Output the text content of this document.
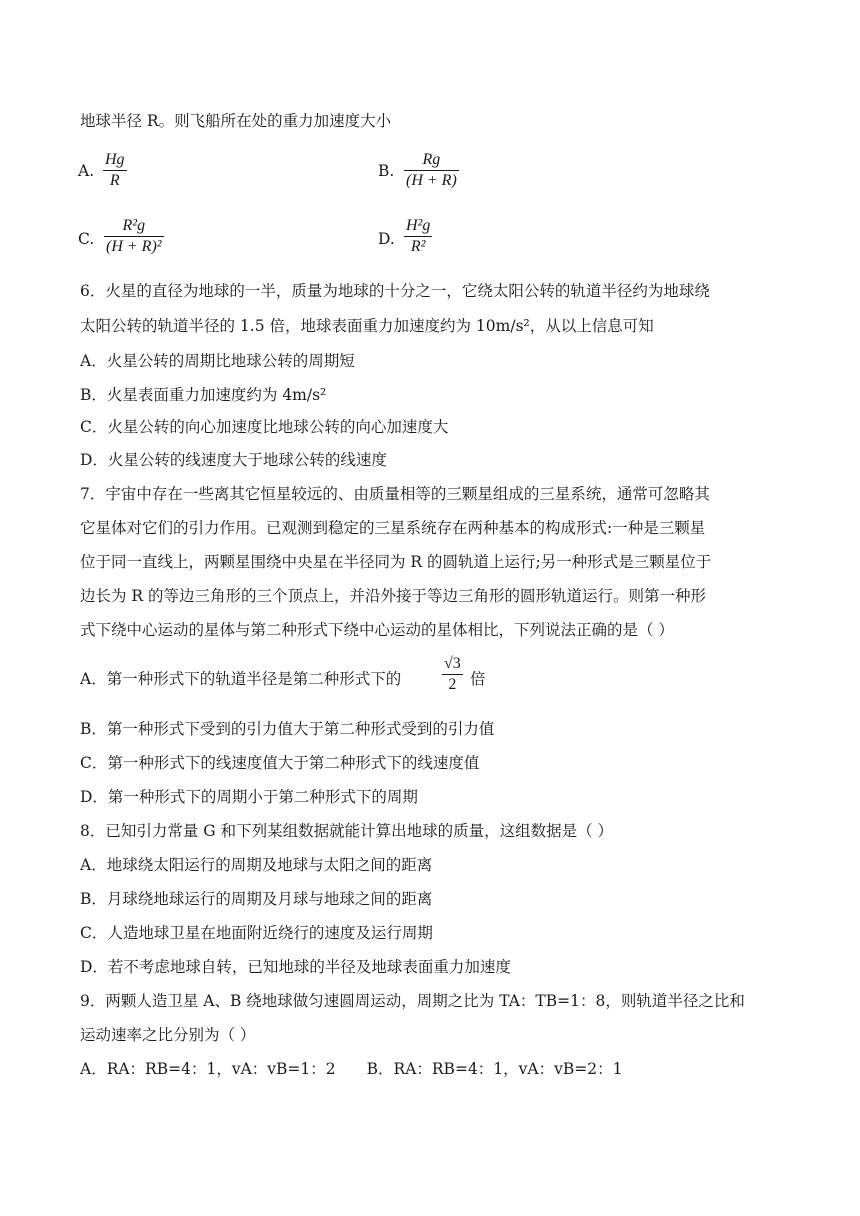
地球半径 R。则飞船所在处的重力加速度大小
A.
Hg
R
B.
Rg
(H + R)
C.
R²g
(H + R)²	D.
H²g
R²
6．火星的直径为地球的一半，质量为地球的十分之一，它绕太阳公转的轨道半径约为地球绕
太阳公转的轨道半径的 1.5 倍，地球表面重力加速度约为 10m/s²，从以上信息可知
A．火星公转的周期比地球公转的周期短
B．火星表面重力加速度约为 4m/s²
C．火星公转的向心加速度比地球公转的向心加速度大
D．火星公转的线速度大于地球公转的线速度
7．宇宙中存在一些离其它恒星较远的、由质量相等的三颗星组成的三星系统，通常可忽略其
它星体对它们的引力作用。已观测到稳定的三星系统存在两种基本的构成形式:一种是三颗星
位于同一直线上，两颗星围绕中央星在半径同为 R 的圆轨道上运行;另一种形式是三颗星位于
边长为 R 的等边三角形的三个顶点上，并沿外接于等边三角形的圆形轨道运行。则第一种形
式下绕中心运动的星体与第二种形式下绕中心运动的星体相比，下列说法正确的是（ ）
A．第一种形式下的轨道半径是第二种形式下的
√3
2 倍
B．第一种形式下受到的引力值大于第二种形式受到的引力值
C．第一种形式下的线速度值大于第二种形式下的线速度值
D．第一种形式下的周期小于第二种形式下的周期
8．已知引力常量 G 和下列某组数据就能计算出地球的质量，这组数据是（ ）
A．地球绕太阳运行的周期及地球与太阳之间的距离
B．月球绕地球运行的周期及月球与地球之间的距离
C．人造地球卫星在地面附近绕行的速度及运行周期
D．若不考虑地球自转，已知地球的半径及地球表面重力加速度
9．两颗人造卫星 A、B 绕地球做匀速圆周运动，周期之比为 TA：TB=1：8，则轨道半径之比和
运动速率之比分别为（ ）
A．RA：RB=4：1，vA：vB=1：2　　B．RA：RB=4：1，vA：vB=2：1
